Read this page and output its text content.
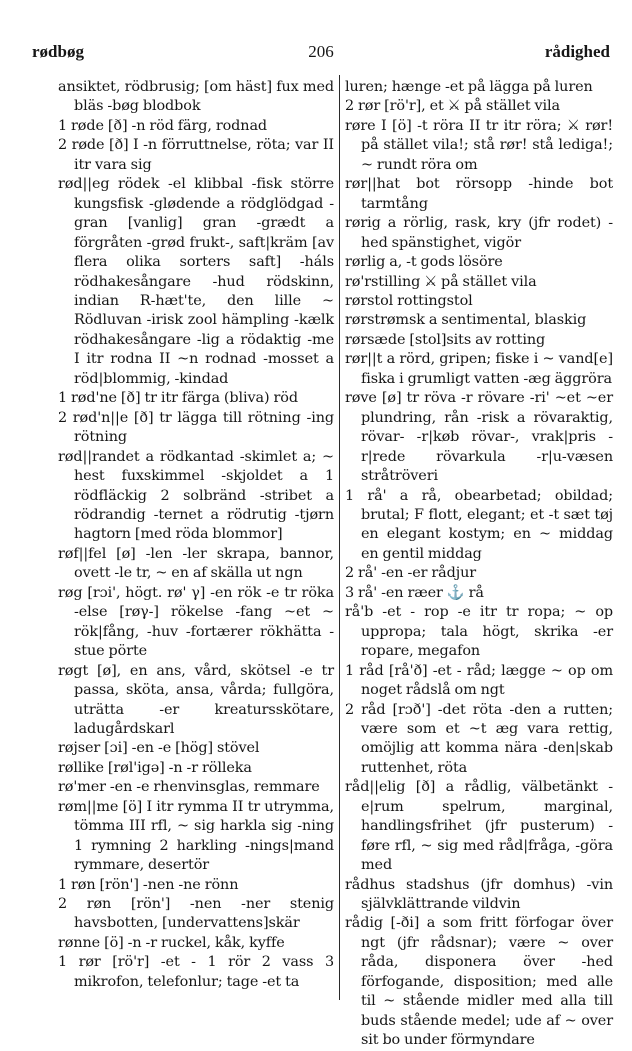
rødbøg	206	rådighed

ansiktet, rödbrusig; [om häst] fux med bläs -bøg blodbok

1 røde [ð] -n röd färg, rodnad

2 røde [ð] I -n förruttnelse, röta; var II itr vara sig

rød||eg rödek -el klibbal -fisk större kungsfisk -glødende a rödglödgad -gran [vanlig] gran -grædt a förgråten -grød frukt-, saft|kräm [av flera olika sorters saft] -háls rödhakesångare -hud rödskinn, indian R-hæt'te, den lille ~ Rödluvan -irisk zool hämpling -kælk rödhakesångare -lig a rödaktig -me I itr rodna II ~n rodnad -mosset a röd|blommig, -kindad

1 rød'ne [ð] tr itr färga (bliva) röd

2 rød'n||e [ð] tr lägga till rötning -ing rötning

rød||randet a rödkantad -skimlet a; ~ hest fuxskimmel -skjoldet a 1 rödfläckig 2 solbränd -stribet a rödrandig -ternet a rödrutig -tjørn hagtorn [med röda blommor]

røf||fel [ø] -len -ler skrapa, bannor, ovett -le tr, ~ en af skälla ut ngn

røg [rɔi', högt. rø' γ] -en rök -e tr röka -else [røγ-] rökelse -fang ~et ~ rök|fång, -huv -fortærer rökhätta -stue pörte

røgt [ø], en ans, vård, skötsel -e tr passa, sköta, ansa, vårda; fullgöra, uträtta -er kreatursskötare, ladugårdskarl

røjser [ɔi] -en -e [hög] stövel

røllike [røl'igə] -n -r rölleka

rø'mer -en -e rhenvinsglas, remmare

røm||me [ö] I itr rymma II tr utrymma, tömma III rfl, ~ sig harkla sig -ning 1 rymning 2 harkling -nings|mand rymmare, desertör

1 røn [rön'] -nen -ne rönn

2 røn [rön'] -nen -ner stenig havsbotten, [undervattens]skär

rønne [ö] -n -r ruckel, kåk, kyffe

1 rør [rö'r] -et - 1 rör 2 vass 3 mikrofon, telefonlur; tage -et ta

luren; hænge -et på lägga på luren

2 rør [rö'r], et ⚔ på stället vila

røre I [ö] -t röra II tr itr röra; ⚔ rør! på stället vila!; stå rør! stå lediga!; ~ rundt röra om

rør||hat bot rörsopp -hinde bot tarmtång

rørig a rörlig, rask, kry (jfr rodet) -hed spänstighet, vigör

rørlig a, -t gods lösöre

rø'rstilling ⚔ på stället vila

rørstol rottingstol

rørstrømsk a sentimental, blaskig

rørsæde [stol]sits av rotting

rør||t a rörd, gripen; fiske i ~ vand[e] fiska i grumligt vatten -æg äggröra

røve [ø] tr röva -r rövare -ri' ~et ~er plundring, rån -risk a rövaraktig, rövar- -r|køb rövar-, vrak|pris -r|rede rövarkula -r|u-væsen stråtröveri

1 rå' a rå, obearbetad; obildad; brutal; F flott, elegant; et -t sæt tøj en elegant kostym; en ~ middag en gentil middag

2 rå' -en -er rådjur

3 rå' -en ræer ⚓ rå

rå'b -et - rop -e itr tr ropa; ~ op uppropa; tala högt, skrika -er ropare, megafon

1 råd [rå'ð] -et - råd; lægge ~ op om noget rådslå om ngt

2 råd [rɔð'] -det röta -den a rutten; være som et ~t æg vara rettig, omöjlig att komma nära -den|skab ruttenhet, röta

råd||elig [ð] a rådlig, välbetänkt -e|rum spelrum, marginal, handlingsfrihet (jfr pusterum) -føre rfl, ~ sig med råd|fråga, -göra med

rådhus stadshus (jfr domhus) -vin självklättrande vildvin

rådig [-ði] a som fritt förfogar över ngt (jfr rådsnar); være ~ over råda, disponera över -hed förfogande, disposition; med alle til ~ stående midler med alla till buds stående medel; ude af ~ over sit bo under förmyndare
